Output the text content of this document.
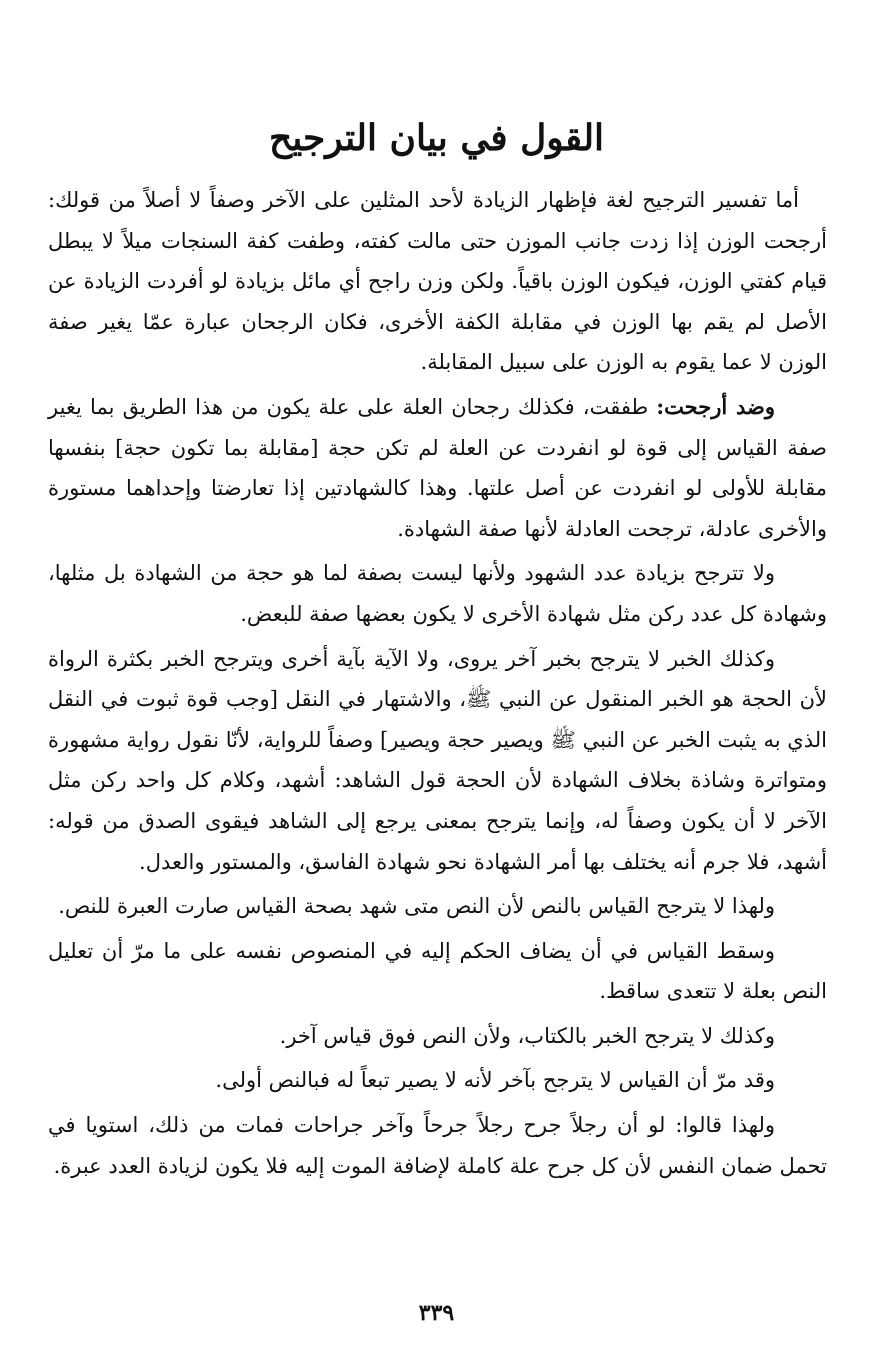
القول في بيان الترجيح

أما تفسير الترجيح لغة فإظهار الزيادة لأحد المثلين على الآخر وصفاً لا أصلاً من قولك: أرجحت الوزن إذا زدت جانب الموزن حتى مالت كفته، وطفت كفة السنجات ميلاً لا يبطل قيام كفتي الوزن، فيكون الوزن باقياً. ولكن وزن راجح أي مائل بزيادة لو أفردت الزيادة عن الأصل لم يقم بها الوزن في مقابلة الكفة الأخرى، فكان الرجحان عبارة عمّا يغير صفة الوزن لا عما يقوم به الوزن على سبيل المقابلة.

وضد أرجحت: طفقت، فكذلك رجحان العلة على علة يكون من هذا الطريق بما يغير صفة القياس إلى قوة لو انفردت عن العلة لم تكن حجة [مقابلة بما تكون حجة] بنفسها مقابلة للأولى لو انفردت عن أصل علتها. وهذا كالشهادتين إذا تعارضتا وإحداهما مستورة والأخرى عادلة، ترجحت العادلة لأنها صفة الشهادة.

ولا تترجح بزيادة عدد الشهود ولأنها ليست بصفة لما هو حجة من الشهادة بل مثلها، وشهادة كل عدد ركن مثل شهادة الأخرى لا يكون بعضها صفة للبعض.

وكذلك الخبر لا يترجح بخبر آخر يروى، ولا الآية بآية أخرى ويترجح الخبر بكثرة الرواة لأن الحجة هو الخبر المنقول عن النبي ﷺ، والاشتهار في النقل [وجب قوة ثبوت في النقل الذي به يثبت الخبر عن النبي ﷺ ويصير حجة ويصير] وصفاً للرواية، لأنّا نقول رواية مشهورة ومتواترة وشاذة بخلاف الشهادة لأن الحجة قول الشاهد: أشهد، وكلام كل واحد ركن مثل الآخر لا أن يكون وصفاً له، وإنما يترجح بمعنى يرجع إلى الشاهد فيقوى الصدق من قوله: أشهد، فلا جرم أنه يختلف بها أمر الشهادة نحو شهادة الفاسق، والمستور والعدل.

ولهذا لا يترجح القياس بالنص لأن النص متى شهد بصحة القياس صارت العبرة للنص.

وسقط القياس في أن يضاف الحكم إليه في المنصوص نفسه على ما مرّ أن تعليل النص بعلة لا تتعدى ساقط.

وكذلك لا يترجح الخبر بالكتاب، ولأن النص فوق قياس آخر.

وقد مرّ أن القياس لا يترجح بآخر لأنه لا يصير تبعاً له فبالنص أولى.

ولهذا قالوا: لو أن رجلاً جرح رجلاً جرحاً وآخر جراحات فمات من ذلك، استويا في تحمل ضمان النفس لأن كل جرح علة كاملة لإضافة الموت إليه فلا يكون لزيادة العدد عبرة.

٣٣٩
